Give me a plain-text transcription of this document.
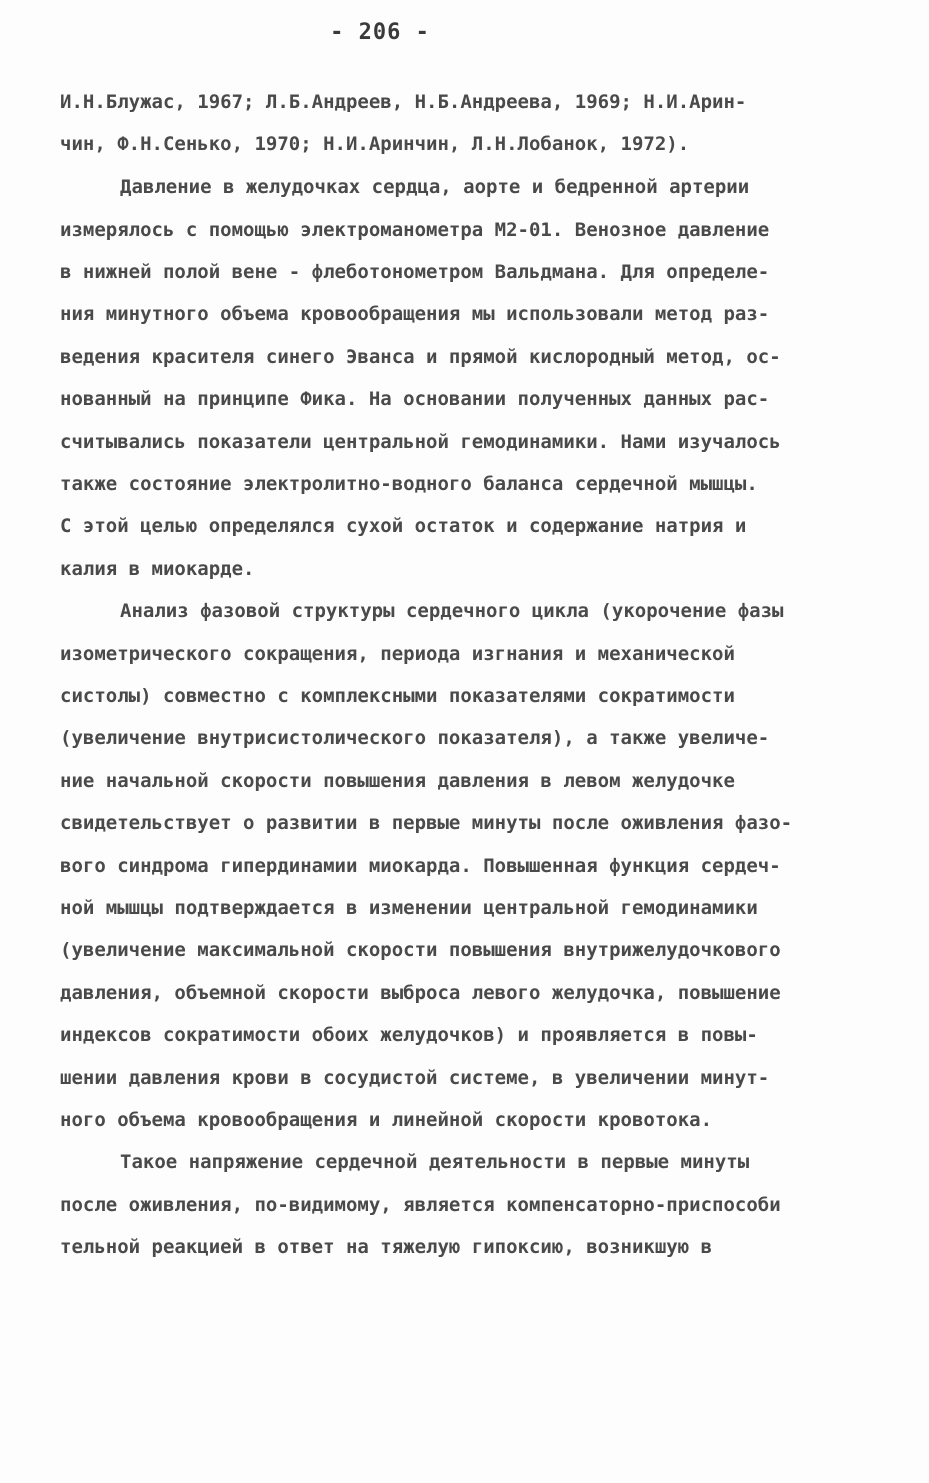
- 206 -
И.Н.Блужас, 1967; Л.Б.Андреев, Н.Б.Андреева, 1969; Н.И.Арин-
чин, Ф.Н.Сенько, 1970; Н.И.Аринчин, Л.Н.Лобанок, 1972).
Давление в желудочках сердца, аорте и бедренной артерии
измерялось с помощью электроманометра М2-01. Венозное давление
в нижней полой вене - флеботонометром Вальдмана. Для определе-
ния минутного объема кровообращения мы использовали метод раз-
ведения красителя синего Эванса и прямой кислородный метод, ос-
нованный на принципе Фика. На основании полученных данных рас-
считывались показатели центральной гемодинамики. Нами изучалось
также состояние электролитно-водного баланса сердечной мышцы.
С этой целью определялся сухой остаток и содержание натрия и
калия в миокарде.
Анализ фазовой структуры сердечного цикла (укорочение фазы
изометрического сокращения, периода изгнания и механической
систолы) совместно с комплексными показателями сократимости
(увеличение внутрисистолического показателя), а также увеличе-
ние начальной скорости повышения давления в левом желудочке
свидетельствует о развитии в первые минуты после оживления фазо-
вого синдрома гипердинамии миокарда. Повышенная функция сердеч-
ной мышцы подтверждается в изменении центральной гемодинамики
(увеличение максимальной скорости повышения внутрижелудочкового
давления, объемной скорости выброса левого желудочка, повышение
индексов сократимости обоих желудочков) и проявляется в повы-
шении давления крови в сосудистой системе, в увеличении минут-
ного объема кровообращения и линейной скорости кровотока.
Такое напряжение сердечной деятельности в первые минуты
после оживления, по-видимому, является компенсаторно-приспособи
тельной реакцией в ответ на тяжелую гипоксию, возникшую в
